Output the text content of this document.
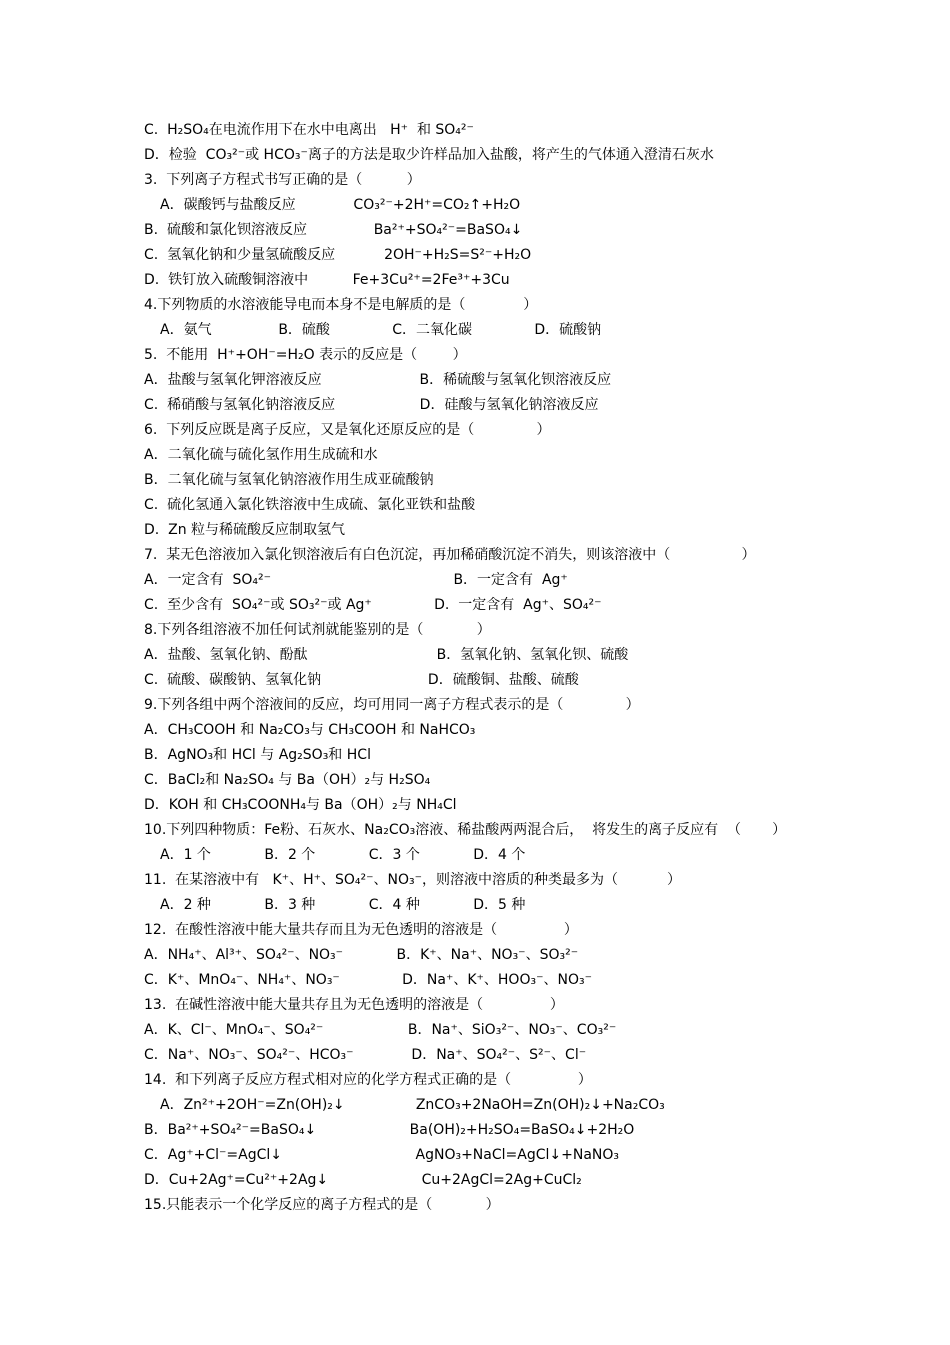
C.  H₂SO₄在电流作用下在水中电离出   H⁺  和 SO₄²⁻
D．检验  CO₃²⁻或 HCO₃⁻离子的方法是取少许样品加入盐酸，将产生的气体通入澄清石灰水
3.  下列离子方程式书写正确的是（          ）
A．碳酸钙与盐酸反应             CO₃²⁻+2H⁺=CO₂↑+H₂O
B.  硫酸和氯化钡溶液反应               Ba²⁺+SO₄²⁻=BaSO₄↓
C.  氢氧化钠和少量氢硫酸反应           2OH⁻+H₂S=S²⁻+H₂O
D.  铁钉放入硫酸铜溶液中          Fe+3Cu²⁺=2Fe³⁺+3Cu
4.下列物质的水溶液能导电而本身不是电解质的是（             ）
A．氨气               B．硫酸              C．二氧化碳              D．硫酸钠
5.  不能用  H⁺+OH⁻=H₂O 表示的反应是（        ）
A．盐酸与氢氧化钾溶液反应                      B．稀硫酸与氢氧化钡溶液反应
C.  稀硝酸与氢氧化钠溶液反应                   D．硅酸与氢氧化钠溶液反应
6.  下列反应既是离子反应，又是氧化还原反应的是（              ）
A．二氧化硫与硫化氢作用生成硫和水
B．二氧化硫与氢氧化钠溶液作用生成亚硫酸钠
C.  硫化氢通入氯化铁溶液中生成硫、氯化亚铁和盐酸
D.  Zn 粒与稀硫酸反应制取氢气
7.  某无色溶液加入氯化钡溶液后有白色沉淀，再加稀硝酸沉淀不消失，则该溶液中（                ）
A．一定含有  SO₄²⁻                                         B．一定含有  Ag⁺
C.  至少含有  SO₄²⁻或 SO₃²⁻或 Ag⁺              D.  一定含有  Ag⁺、SO₄²⁻
8.下列各组溶液不加任何试剂就能鉴别的是（            ）
A．盐酸、氢氧化钠、酚酞                             B．氢氧化钠、氢氧化钡、硫酸
C.  硫酸、碳酸钠、氢氧化钠                        D．硫酸铜、盐酸、硫酸
9.下列各组中两个溶液间的反应，均可用同一离子方程式表示的是（              ）
A．CH₃COOH 和 Na₂CO₃与 CH₃COOH 和 NaHCO₃
B．AgNO₃和 HCl 与 Ag₂SO₃和 HCl
C．BaCl₂和 Na₂SO₄ 与 Ba（OH）₂与 H₂SO₄
D．KOH 和 CH₃COONH₄与 Ba（OH）₂与 NH₄Cl
10.下列四种物质：Fe粉、石灰水、Na₂CO₃溶液、稀盐酸两两混合后，  将发生的离子反应有  （       ）
A．1 个            B．2 个            C．3 个            D．4 个
11.  在某溶液中有   K⁺、H⁺、SO₄²⁻、NO₃⁻，则溶液中溶质的种类最多为（           ）
A．2 种            B．3 种            C．4 种            D．5 种
12.  在酸性溶液中能大量共存而且为无色透明的溶液是（               ）
A．NH₄⁺、Al³⁺、SO₄²⁻、NO₃⁻            B．K⁺、Na⁺、NO₃⁻、SO₃²⁻
C．K⁺、MnO₄⁻、NH₄⁺、NO₃⁻              D．Na⁺、K⁺、HOO₃⁻、NO₃⁻
13.  在碱性溶液中能大量共存且为无色透明的溶液是（               ）
A．K、Cl⁻、MnO₄⁻、SO₄²⁻                   B．Na⁺、SiO₃²⁻、NO₃⁻、CO₃²⁻
C．Na⁺、NO₃⁻、SO₄²⁻、HCO₃⁻             D．Na⁺、SO₄²⁻、S²⁻、Cl⁻
14.  和下列离子反应方程式相对应的化学方程式正确的是（               ）
A．Zn²⁺+2OH⁻=Zn(OH)₂↓                ZnCO₃+2NaOH=Zn(OH)₂↓+Na₂CO₃
B．Ba²⁺+SO₄²⁻=BaSO₄↓                     Ba(OH)₂+H₂SO₄=BaSO₄↓+2H₂O
C．Ag⁺+Cl⁻=AgCl↓                              AgNO₃+NaCl=AgCl↓+NaNO₃
D．Cu+2Ag⁺=Cu²⁺+2Ag↓                     Cu+2AgCl=2Ag+CuCl₂
15.只能表示一个化学反应的离子方程式的是（            ）
